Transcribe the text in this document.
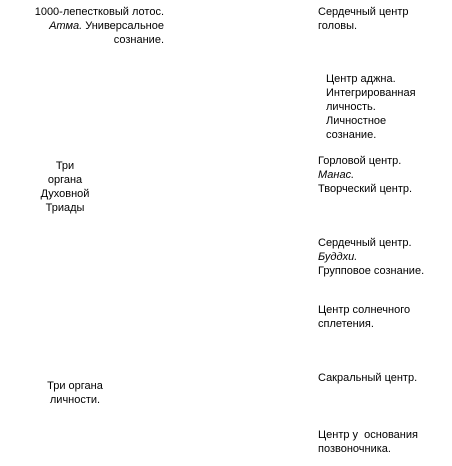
1000-лепестковый лотос.
Атма. Универсальное
сознание.
Три
органа
Духовной
Триады
Три органа
личности.
Сердечный центр
головы.
Центр аджна.
Интегрированная
личность.
Личностное
сознание.
Горловой центр.
Манас.
Творческий центр.
Сердечный центр.
Буддхи.
Групповое сознание.
Центр солнечного
сплетения.
Сакральный центр.
Центр у  основания
позвоночника.
